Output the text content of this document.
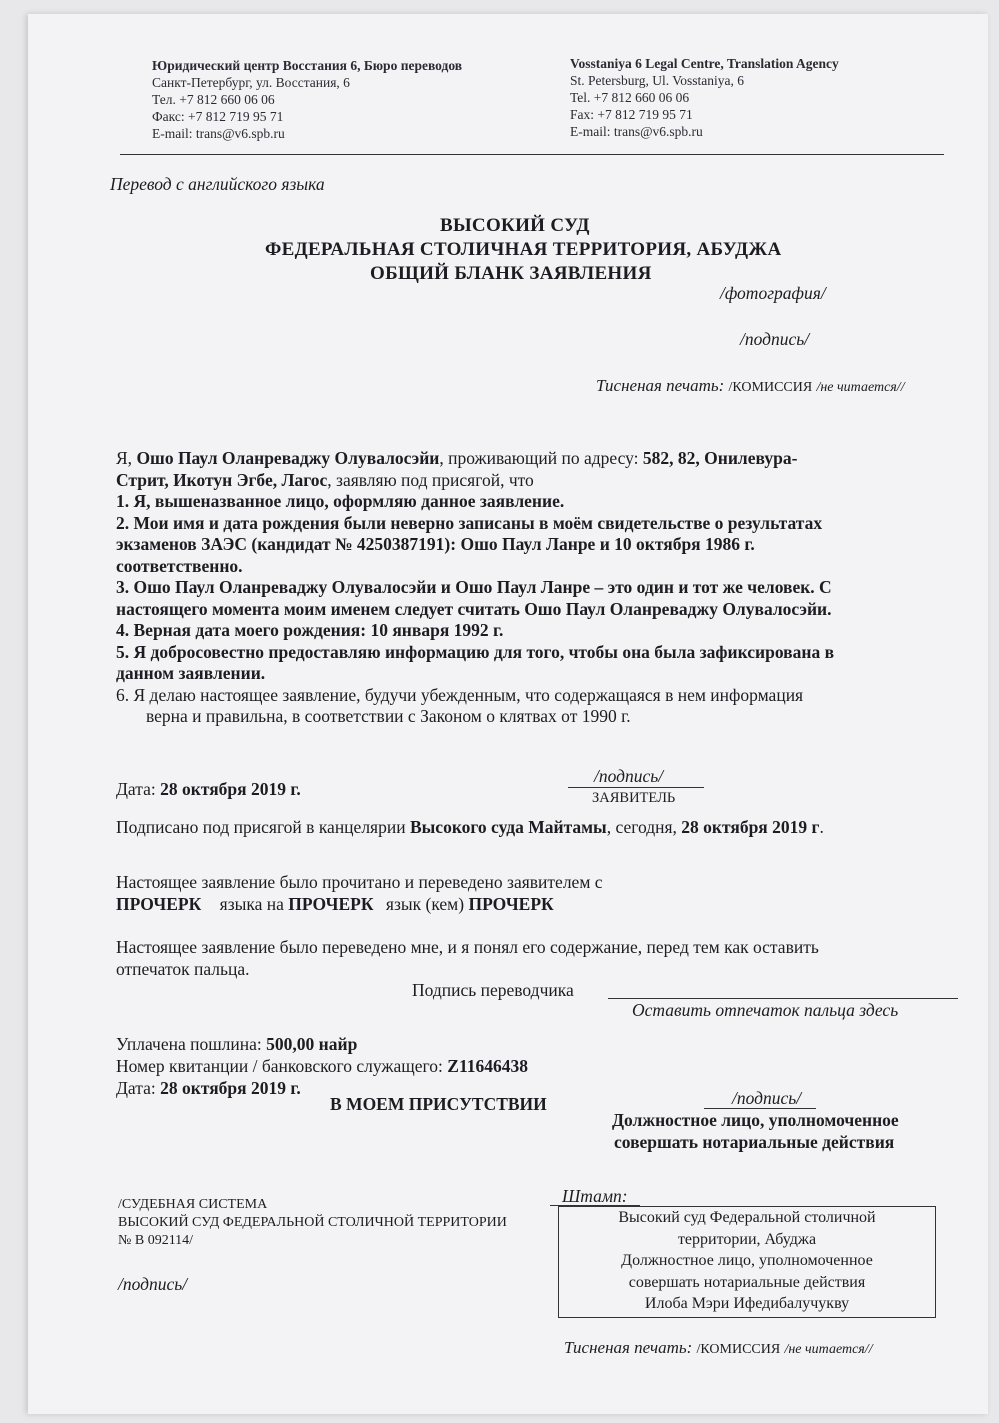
Юридический центр Восстания 6, Бюро переводов
Санкт-Петербург, ул. Восстания, 6
Тел. +7 812 660 06 06
Факс: +7 812 719 95 71
E-mail: trans@v6.spb.ru
Vosstaniya 6 Legal Centre, Translation Agency
St. Petersburg, Ul. Vosstaniya, 6
Tel. +7 812 660 06 06
Fax: +7 812 719 95 71
E-mail: trans@v6.spb.ru
Перевод с английского языка
ВЫСОКИЙ СУД
ФЕДЕРАЛЬНАЯ СТОЛИЧНАЯ ТЕРРИТОРИЯ, АБУДЖА
ОБЩИЙ БЛАНК ЗАЯВЛЕНИЯ
/фотография/
/подпись/
Тисненая печать: /КОМИССИЯ /не читается//
Я, Ошо Паул Оланреваджу Олувалосэйи, проживающий по адресу: 582, 82, Онилевура-
Стрит, Икотун Эгбе, Лагос, заявляю под присягой, что
1. Я, вышеназванное лицо, оформляю данное заявление.
2. Мои имя и дата рождения были неверно записаны в моём свидетельстве о результатах
экзаменов ЗАЭС (кандидат № 4250387191): Ошо Паул Ланре и 10 октября 1986 г.
соответственно.
3. Ошо Паул Оланреваджу Олувалосэйи и Ошо Паул Ланре – это один и тот же человек. С
настоящего момента моим именем следует считать Ошо Паул Оланреваджу Олувалосэйи.
4. Верная дата моего рождения: 10 января 1992 г.
5. Я добросовестно предоставляю информацию для того, чтобы она была зафиксирована в
данном заявлении.
6. Я делаю настоящее заявление, будучи убежденным, что содержащаяся в нем информация
верна и правильна, в соответствии с Законом о клятвах от 1990 г.
Дата: 28 октября 2019 г.
/подпись/
ЗАЯВИТЕЛЬ
Подписано под присягой в канцелярии Высокого суда Майтамы, сегодня, 28 октября 2019 г.
Настоящее заявление было прочитано и переведено заявителем с
ПРОЧЕРК языка на ПРОЧЕРК язык (кем) ПРОЧЕРК
Настоящее заявление было переведено мне, и я понял его содержание, перед тем как оставить
отпечаток пальца.
Подпись переводчика
Оставить отпечаток пальца здесь
Уплачена пошлина: 500,00 найр
Номер квитанции / банковского служащего: Z11646438
Дата: 28 октября 2019 г.
В МОЕМ ПРИСУТСТВИИ	/подпись/
Должностное лицо, уполномоченное
совершать нотариальные действия
/СУДЕБНАЯ СИСТЕМА
ВЫСОКИЙ СУД ФЕДЕРАЛЬНОЙ СТОЛИЧНОЙ ТЕРРИТОРИИ
№ В 092114/
/подпись/
Штамп:
Высокий суд Федеральной столичной
территории, Абуджа
Должностное лицо, уполномоченное
совершать нотариальные действия
Илоба Мэри Ифедибалучукву
Тисненая печать: /КОМИССИЯ /не читается//
